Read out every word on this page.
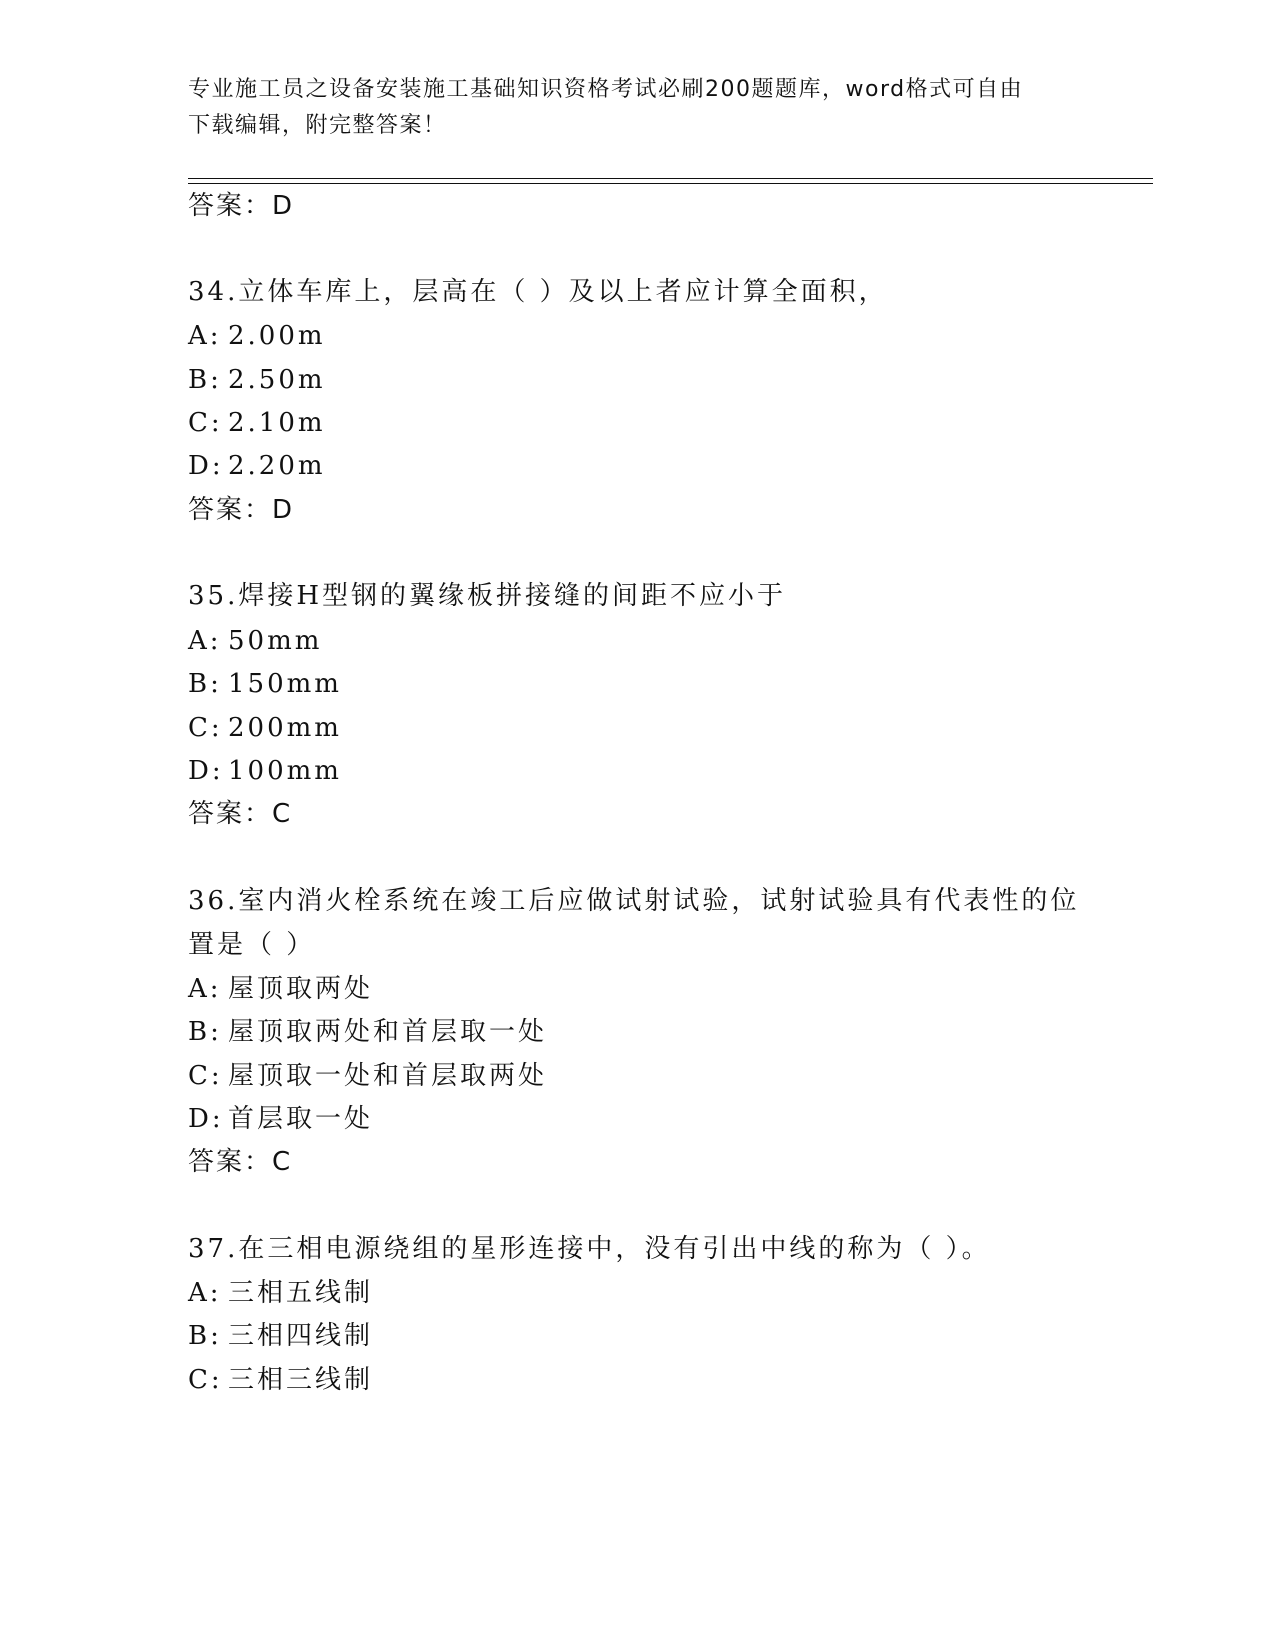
专业施工员之设备安装施工基础知识资格考试必刷200题题库，word格式可自由
下载编辑，附完整答案！
答案：D
34.立体车库上，层高在（ ）及以上者应计算全面积，
A: 2.00m
B: 2.50m
C: 2.10m
D: 2.20m
答案：D
35.焊接H型钢的翼缘板拼接缝的间距不应小于
A: 50mm
B: 150mm
C: 200mm
D: 100mm
答案：C
36.室内消火栓系统在竣工后应做试射试验，试射试验具有代表性的位
置是（ ）
A: 屋顶取两处
B: 屋顶取两处和首层取一处
C: 屋顶取一处和首层取两处
D: 首层取一处
答案：C
37.在三相电源绕组的星形连接中，没有引出中线的称为（ ）。
A: 三相五线制
B: 三相四线制
C: 三相三线制
